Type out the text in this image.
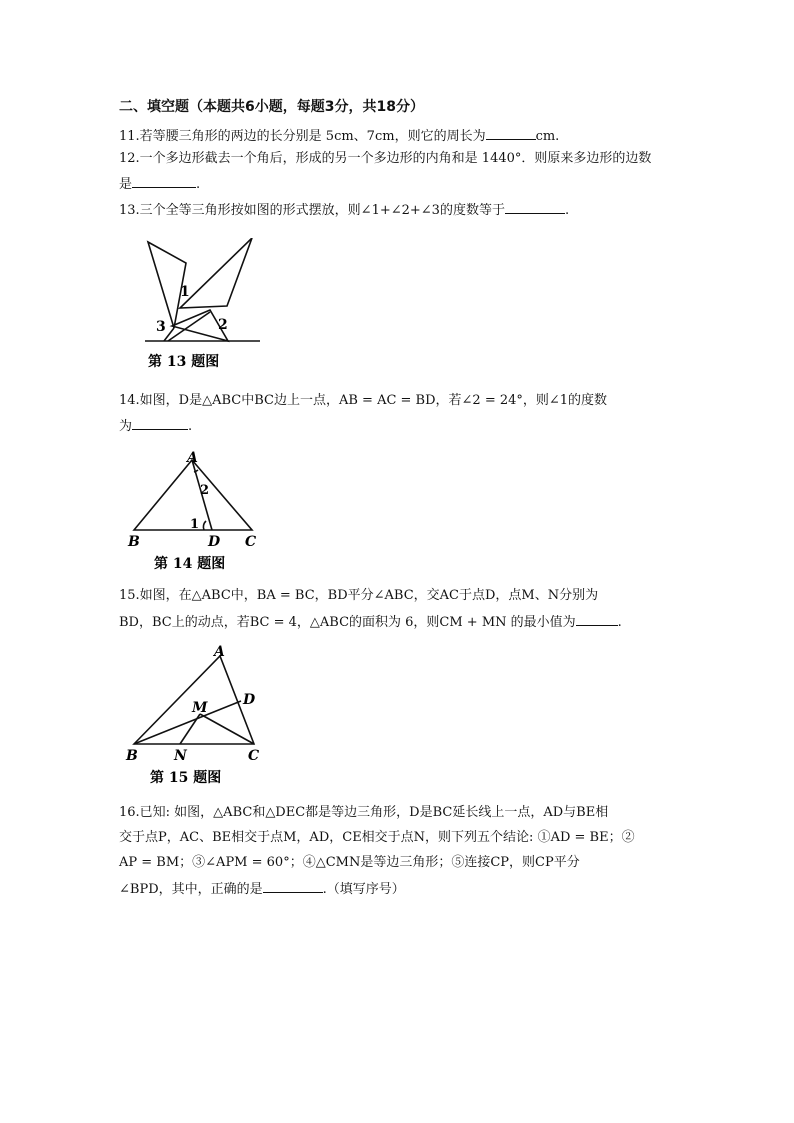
二、填空题（本题共6小题，每题3分，共18分）
11.若等腰三角形的两边的长分别是 5cm、7cm，则它的周长为	cm.
12.一个多边形截去一个角后，形成的另一个多边形的内角和是 1440°．则原来多边形的边数
是	.
13.三个全等三角形按如图的形式摆放，则∠1+∠2+∠3的度数等于	.
1
2
3
第 13 题图
14.如图，D是△ABC中BC边上一点，AB = AC = BD，若∠2 = 24°，则∠1的度数
为	.
A
B	C
D
1
2
第 14 题图
15.如图，在△ABC中，BA = BC，BD平分∠ABC，交AC于点D，点M、N分别为
BD，BC上的动点，若BC = 4，△ABC的面积为 6，则CM + MN 的最小值为	.
A
B	C
D
M
N
第 15 题图
16.已知: 如图，△ABC和△DEC都是等边三角形，D是BC延长线上一点，AD与BE相
交于点P，AC、BE相交于点M，AD，CE相交于点N，则下列五个结论: ①AD = BE；②
AP = BM；③∠APM = 60°；④△CMN是等边三角形；⑤连接CP，则CP平分
∠BPD，其中，正确的是	.（填写序号）
